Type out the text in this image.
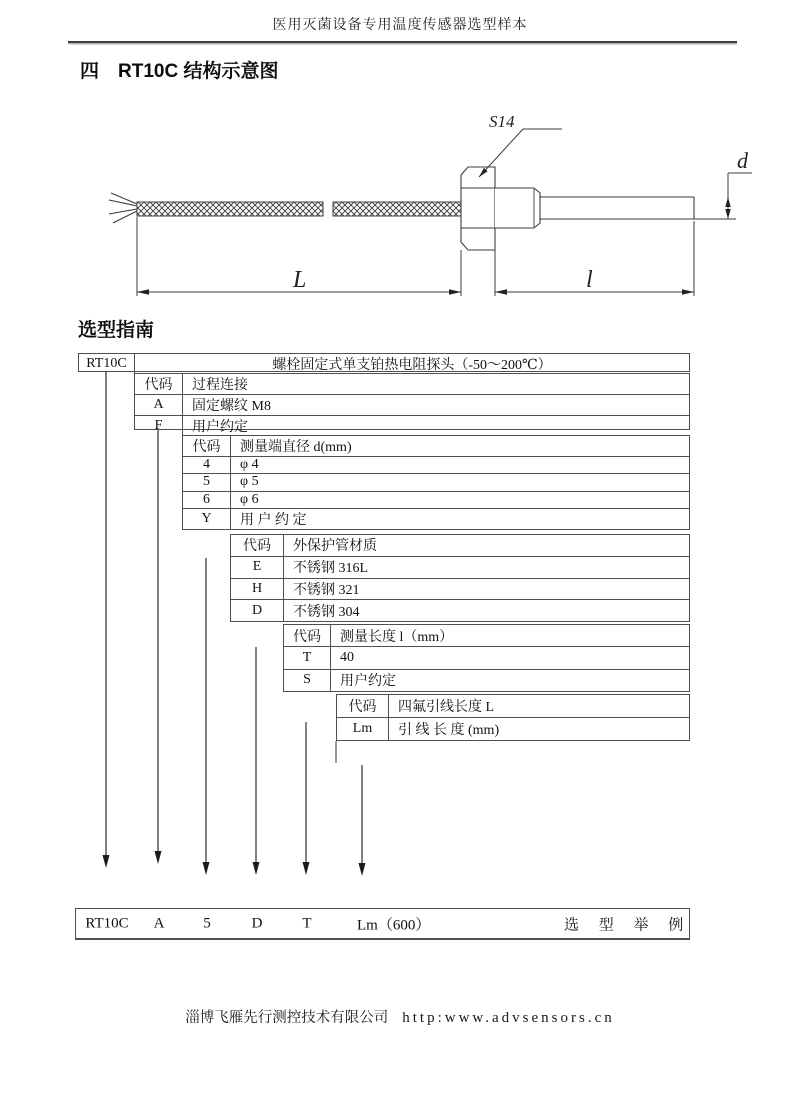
医用灭菌设备专用温度传感器选型样本
四　RT10C 结构示意图
S14
d
L	l
选型指南
RT10C	螺栓固定式单支铂热电阻探头（-50～200℃）
代码	过程连接
A	固定螺纹 M8
F	用户约定
代码	测量端直径 d(mm)
4	φ 4
5	φ 5
6	φ 6
Y	用 户 约 定
代码	外保护管材质
E	不锈钢 316L
H	不锈钢 321
D	不锈钢 304
代码	测量长度 l（mm）
T	40
S	用户约定
代码	四氟引线长度 L
Lm	引 线 长 度 (mm)
RT10C A	5	D	T	Lm（600）	选 型 举 例
淄博飞雁先行测控技术有限公司 http:www.advsensors.cn
